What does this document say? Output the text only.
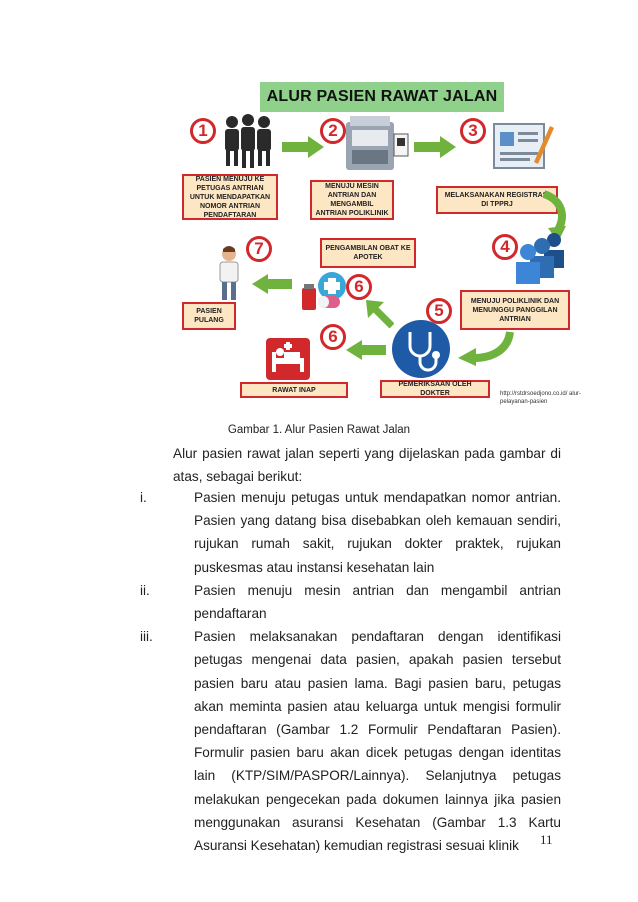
ALUR PASIEN RAWAT JALAN
1
PASIEN MENUJU KE PETUGAS ANTRIAN UNTUK MENDAPATKAN NOMOR ANTRIAN PENDAFTARAN
2
MENUJU MESIN ANTRIAN DAN MENGAMBIL ANTRIAN POLIKLINIK
3
MELAKSANAKAN REGISTRASI DI TPPRJ
4
MENUJU POLIKLINIK DAN MENUNGGU PANGGILAN ANTRIAN
5
PEMERIKSAAN OLEH DOKTER
6
RAWAT INAP
PENGAMBILAN OBAT KE APOTEK
6
7
PASIEN PULANG
http://rstdrsoedjono.co.id/ alur-pelayanan-pasien
Gambar 1. Alur Pasien Rawat Jalan
Alur pasien rawat jalan seperti yang dijelaskan pada gambar di atas, sebagai berikut:
i.	Pasien menuju petugas untuk mendapatkan nomor antrian. Pasien yang datang bisa disebabkan oleh kemauan sendiri, rujukan rumah sakit, rujukan dokter praktek, rujukan puskesmas atau instansi kesehatan lain
ii.	Pasien menuju mesin antrian dan mengambil antrian pendaftaran
iii.	Pasien melaksanakan pendaftaran dengan identifikasi petugas mengenai data pasien, apakah pasien tersebut pasien baru atau pasien lama. Bagi pasien baru, petugas akan meminta pasien atau keluarga untuk mengisi formulir pendaftaran (Gambar 1.2 Formulir Pendaftaran Pasien). Formulir pasien baru akan dicek petugas dengan identitas lain (KTP/SIM/PASPOR/Lainnya). Selanjutnya petugas melakukan pengecekan pada dokumen lainnya jika pasien menggunakan asuransi Kesehatan (Gambar 1.3 Kartu Asuransi Kesehatan) kemudian registrasi sesuai klinik	11
